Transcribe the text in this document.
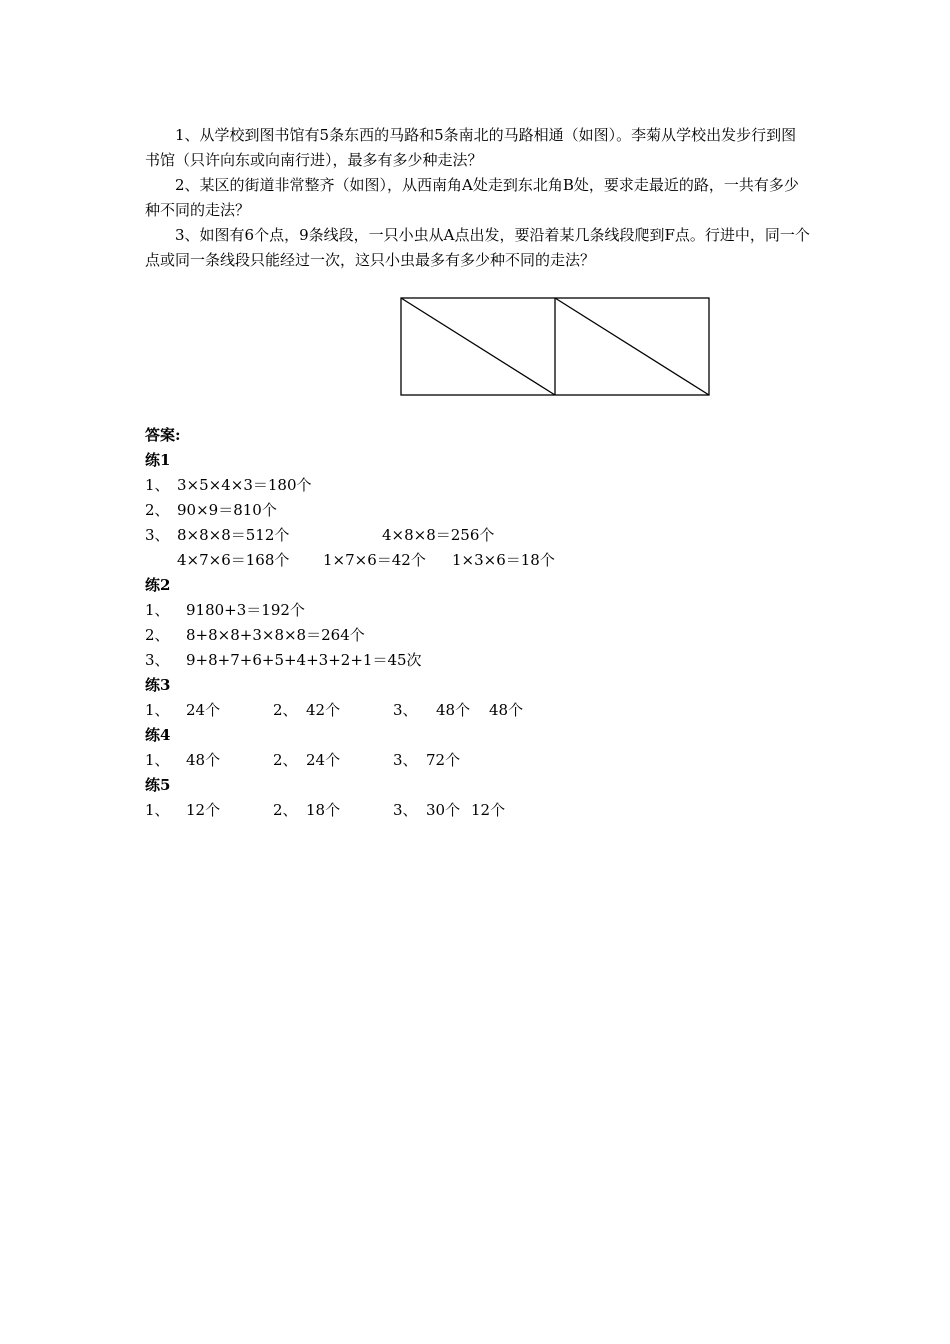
1、从学校到图书馆有5条东西的马路和5条南北的马路相通（如图）。李菊从学校出发步行到图书馆（只许向东或向南行进），最多有多少种走法？

2、某区的街道非常整齐（如图），从西南角A处走到东北角B处，要求走最近的路，一共有多少种不同的走法？

3、如图有6个点，9条线段，一只小虫从A点出发，要沿着某几条线段爬到F点。行进中，同一个点或同一条线段只能经过一次，这只小虫最多有多少种不同的走法？

答案:
练1
1、 3×5×4×3＝180个
2、 90×9＝810个
3、 8×8×8＝512个	4×8×8＝256个
4×7×6＝168个 1×7×6＝42个 1×3×6＝18个
练2
1、 9180+3＝192个
2、 8+8×8+3×8×8＝264个
3、 9+8+7+6+5+4+3+2+1＝45次
练3
1、 24个	2、 42个	3、 48个 48个
练4
1、 48个	2、 24个	3、 72个
练5
1、 12个	2、 18个	3、 30个 12个
